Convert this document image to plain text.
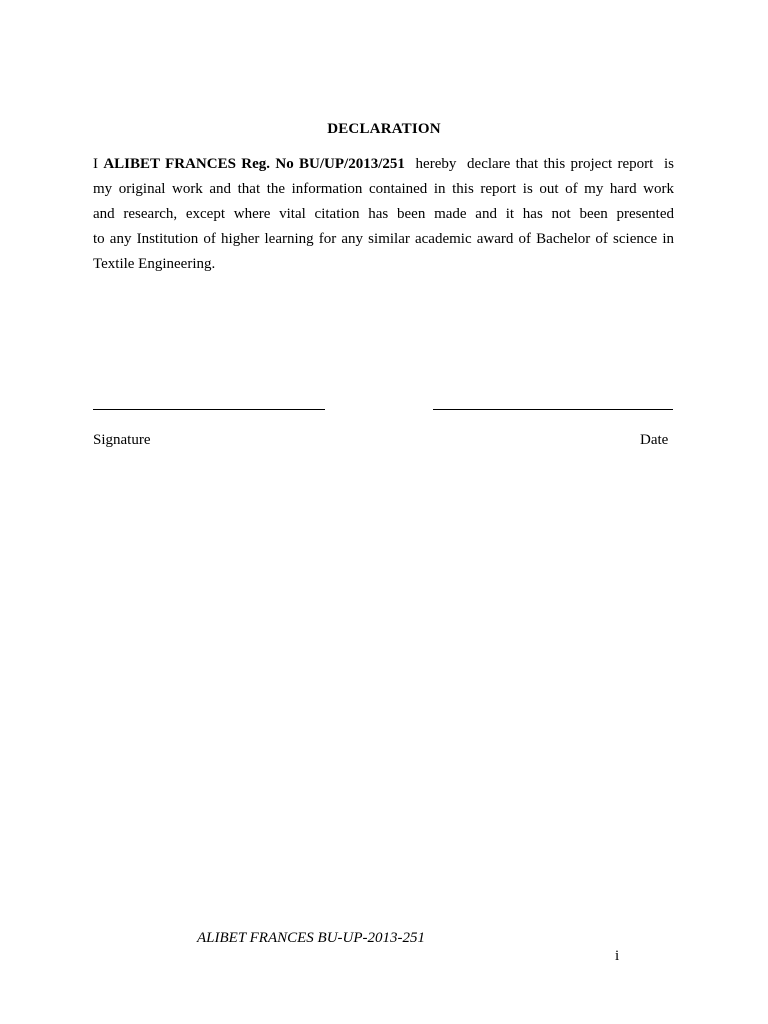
DECLARATION
I ALIBET FRANCES Reg. No BU/UP/2013/251  hereby  declare that this project report  is
my original work and that the information contained in this report is out of my hard work
and research, except where vital citation has been made and it has not been presented
to any Institution of higher learning for any similar academic award of Bachelor of science in
Textile Engineering.
Signature	Date
ALIBET FRANCES BU-UP-2013-251
i
